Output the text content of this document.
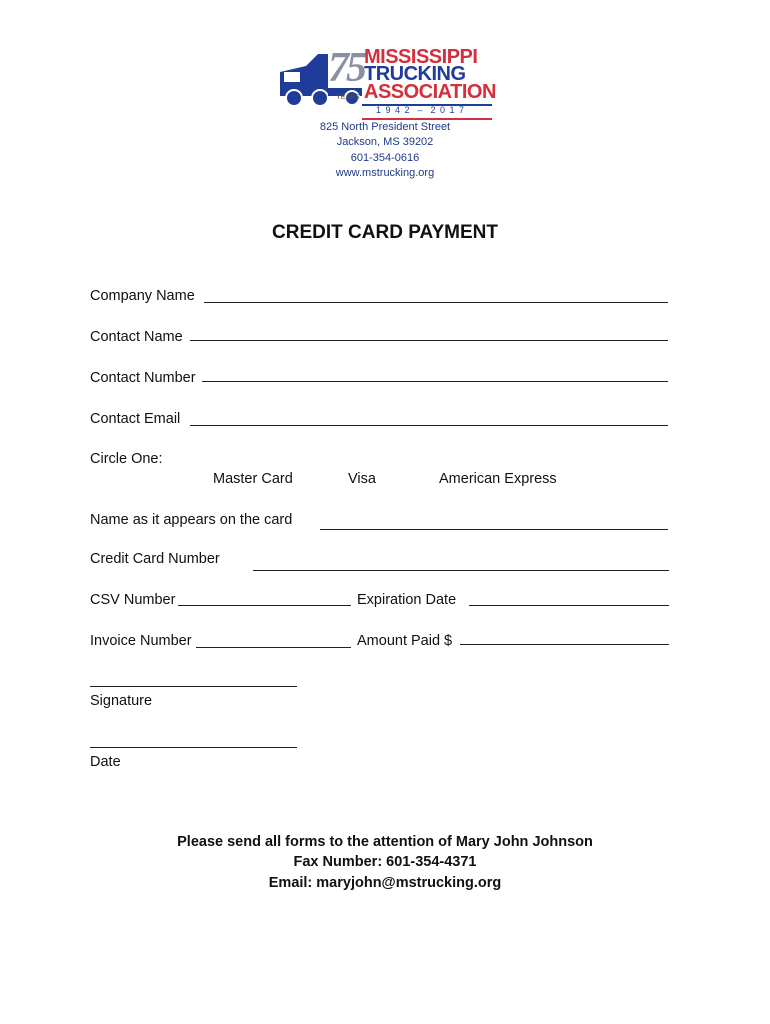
75
YEARS
MISSISSIPPI
TRUCKING
ASSOCIATION
1 9 4 2  –  2 0 1 7
825 North President Street
Jackson, MS 39202
601-354-0616
www.mstrucking.org
CREDIT CARD PAYMENT
Company Name
Contact Name
Contact Number
Contact Email
Circle One:
Master Card	Visa	American Express
Name as it appears on the card
Credit Card Number
CSV Number	Expiration Date
Invoice Number	Amount Paid $
Signature
Date
Please send all forms to the attention of Mary John Johnson
Fax Number: 601-354-4371
Email: maryjohn@mstrucking.org
